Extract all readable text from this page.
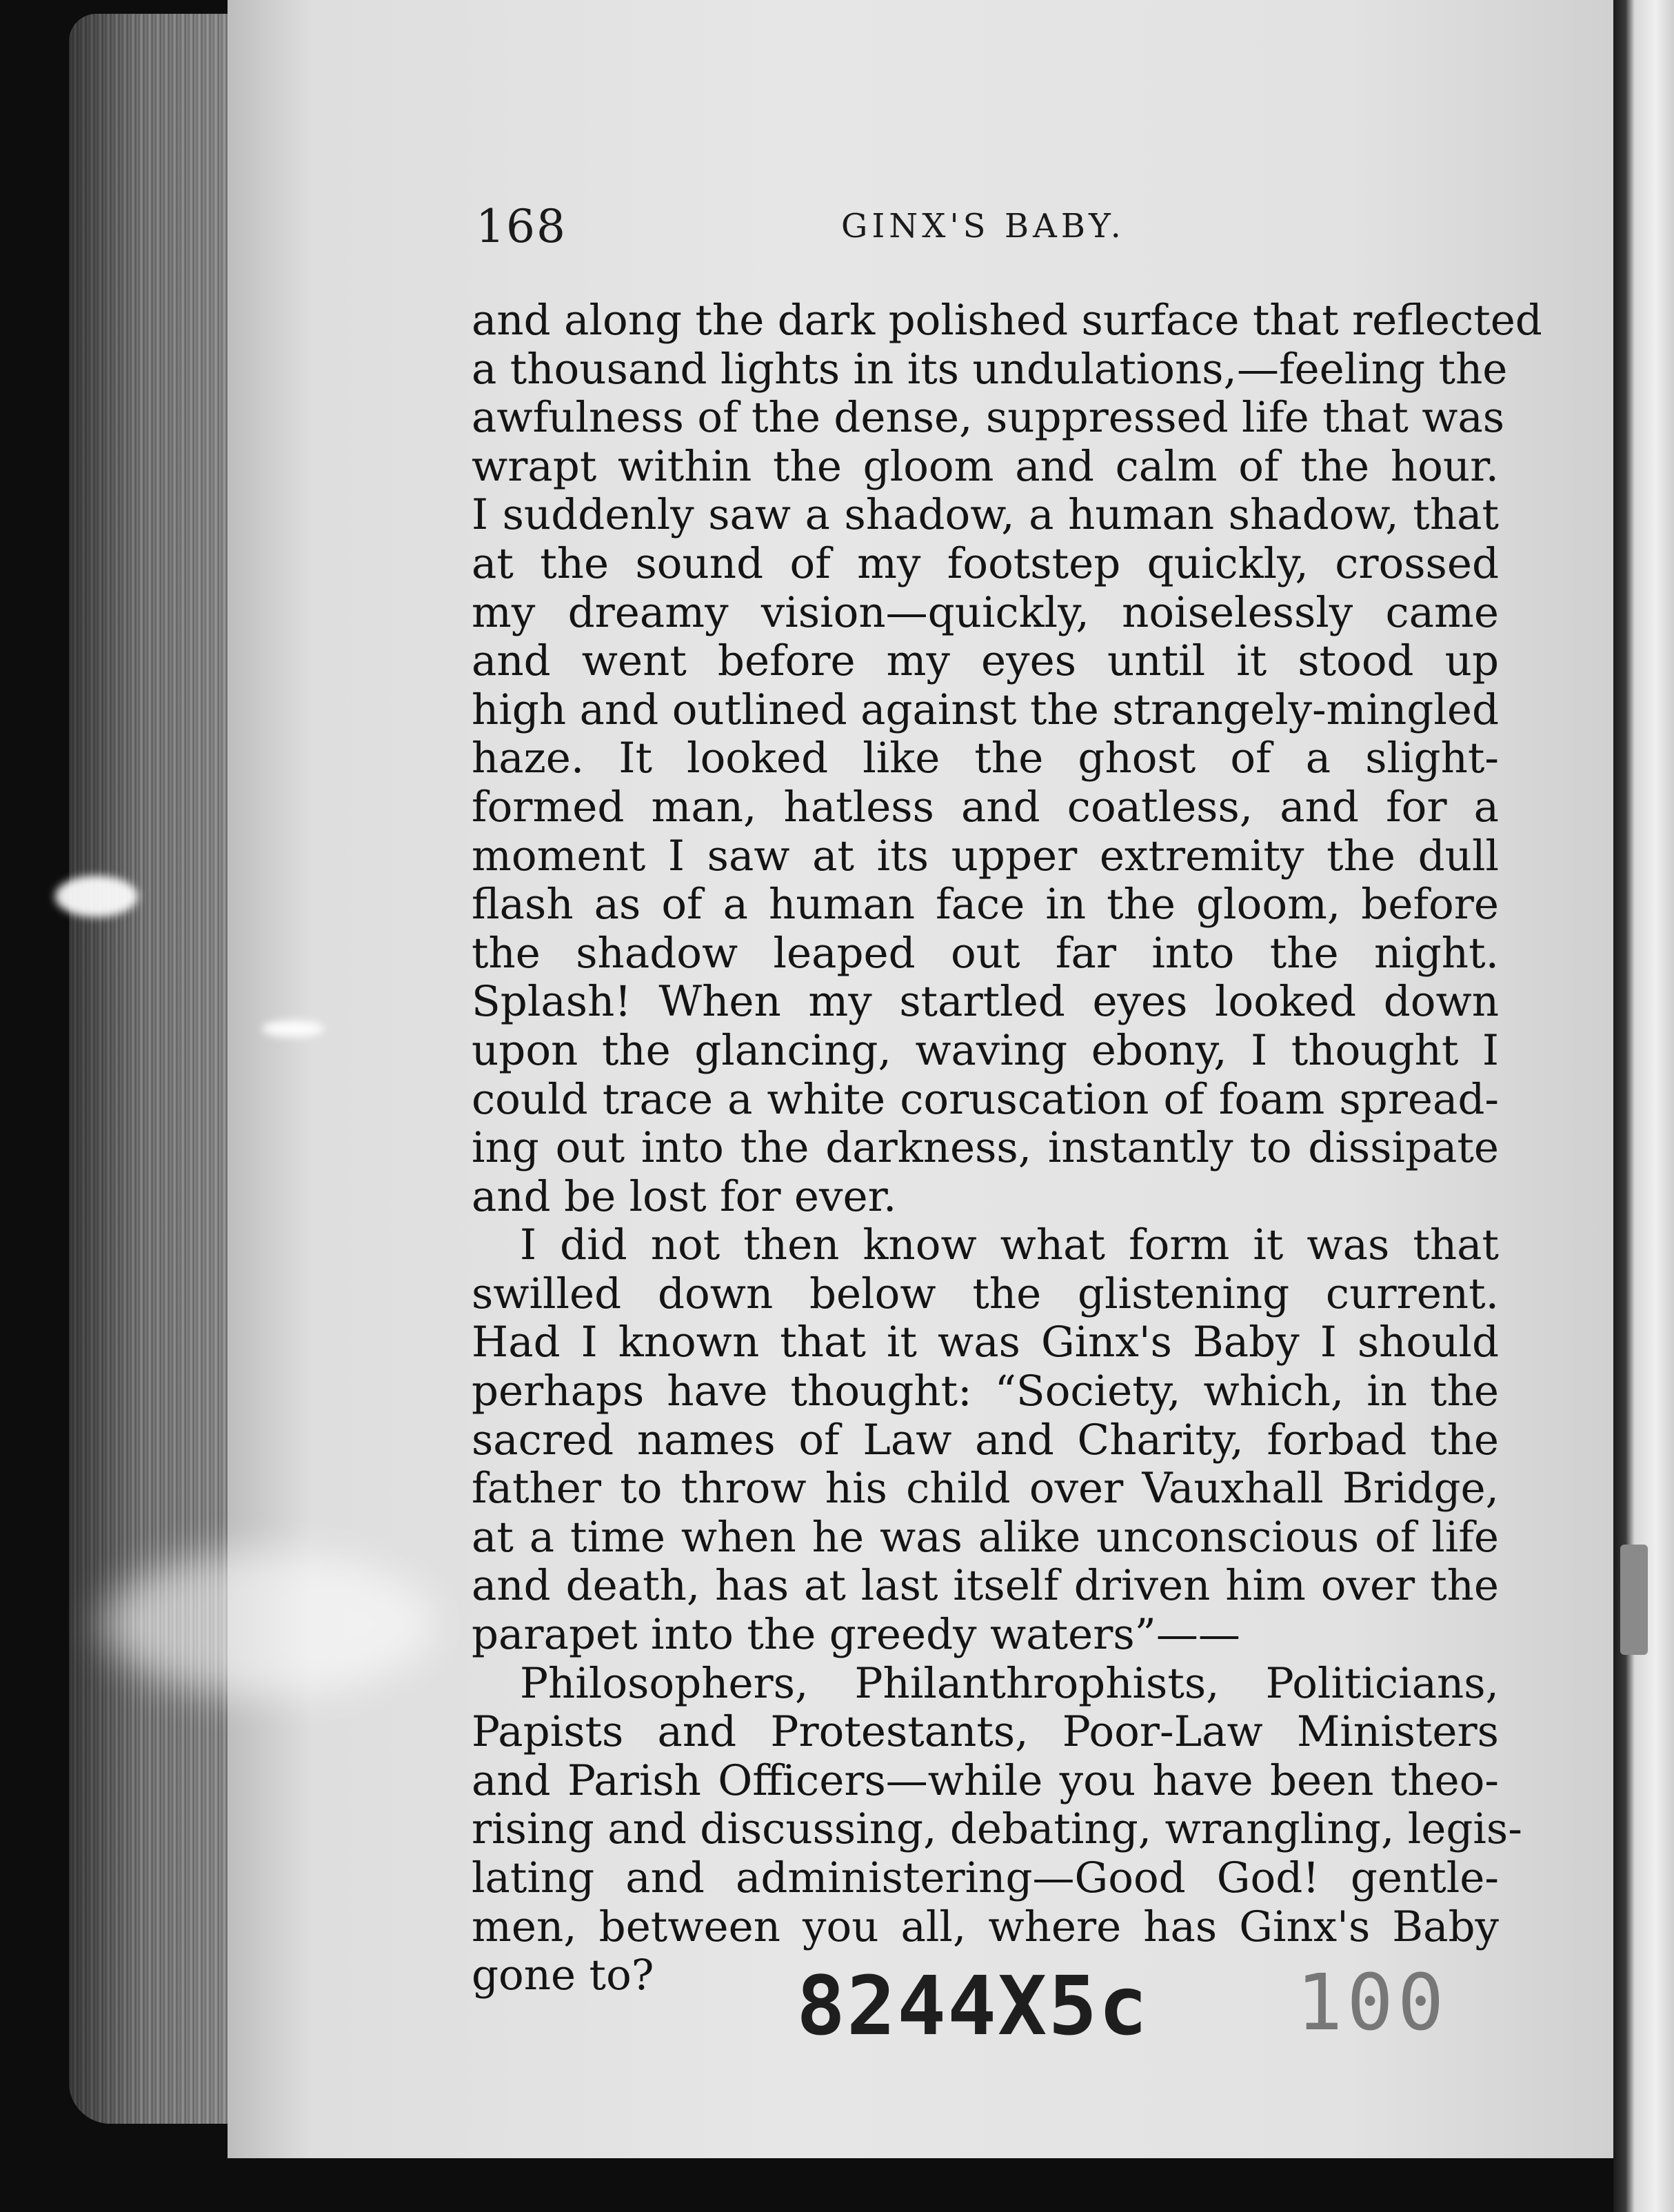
168	GINX'S BABY.
and along the dark polished surface that reflected
a thousand lights in its undulations,—feeling the
awfulness of the dense, suppressed life that was
wrapt within the gloom and calm of the hour.
I suddenly saw a shadow, a human shadow, that
at the sound of my footstep quickly, crossed
my dreamy vision—quickly, noiselessly came
and went before my eyes until it stood up
high and outlined against the strangely-mingled
haze. It looked like the ghost of a slight-
formed man, hatless and coatless, and for a
moment I saw at its upper extremity the dull
flash as of a human face in the gloom, before
the shadow leaped out far into the night.
Splash! When my startled eyes looked down
upon the glancing, waving ebony, I thought I
could trace a white coruscation of foam spread-
ing out into the darkness, instantly to dissipate
and be lost for ever.
I did not then know what form it was that
swilled down below the glistening current.
Had I known that it was Ginx's Baby I should
perhaps have thought: “Society, which, in the
sacred names of Law and Charity, forbad the
father to throw his child over Vauxhall Bridge,
at a time when he was alike unconscious of life
and death, has at last itself driven him over the
parapet into the greedy waters”——
Philosophers, Philanthrophists, Politicians,
Papists and Protestants, Poor-Law Ministers
and Parish Officers—while you have been theo-
rising and discussing, debating, wrangling, legis-
lating and administering—Good God! gentle-
men, between you all, where has Ginx's Baby
gone to?	8244X5c 100
